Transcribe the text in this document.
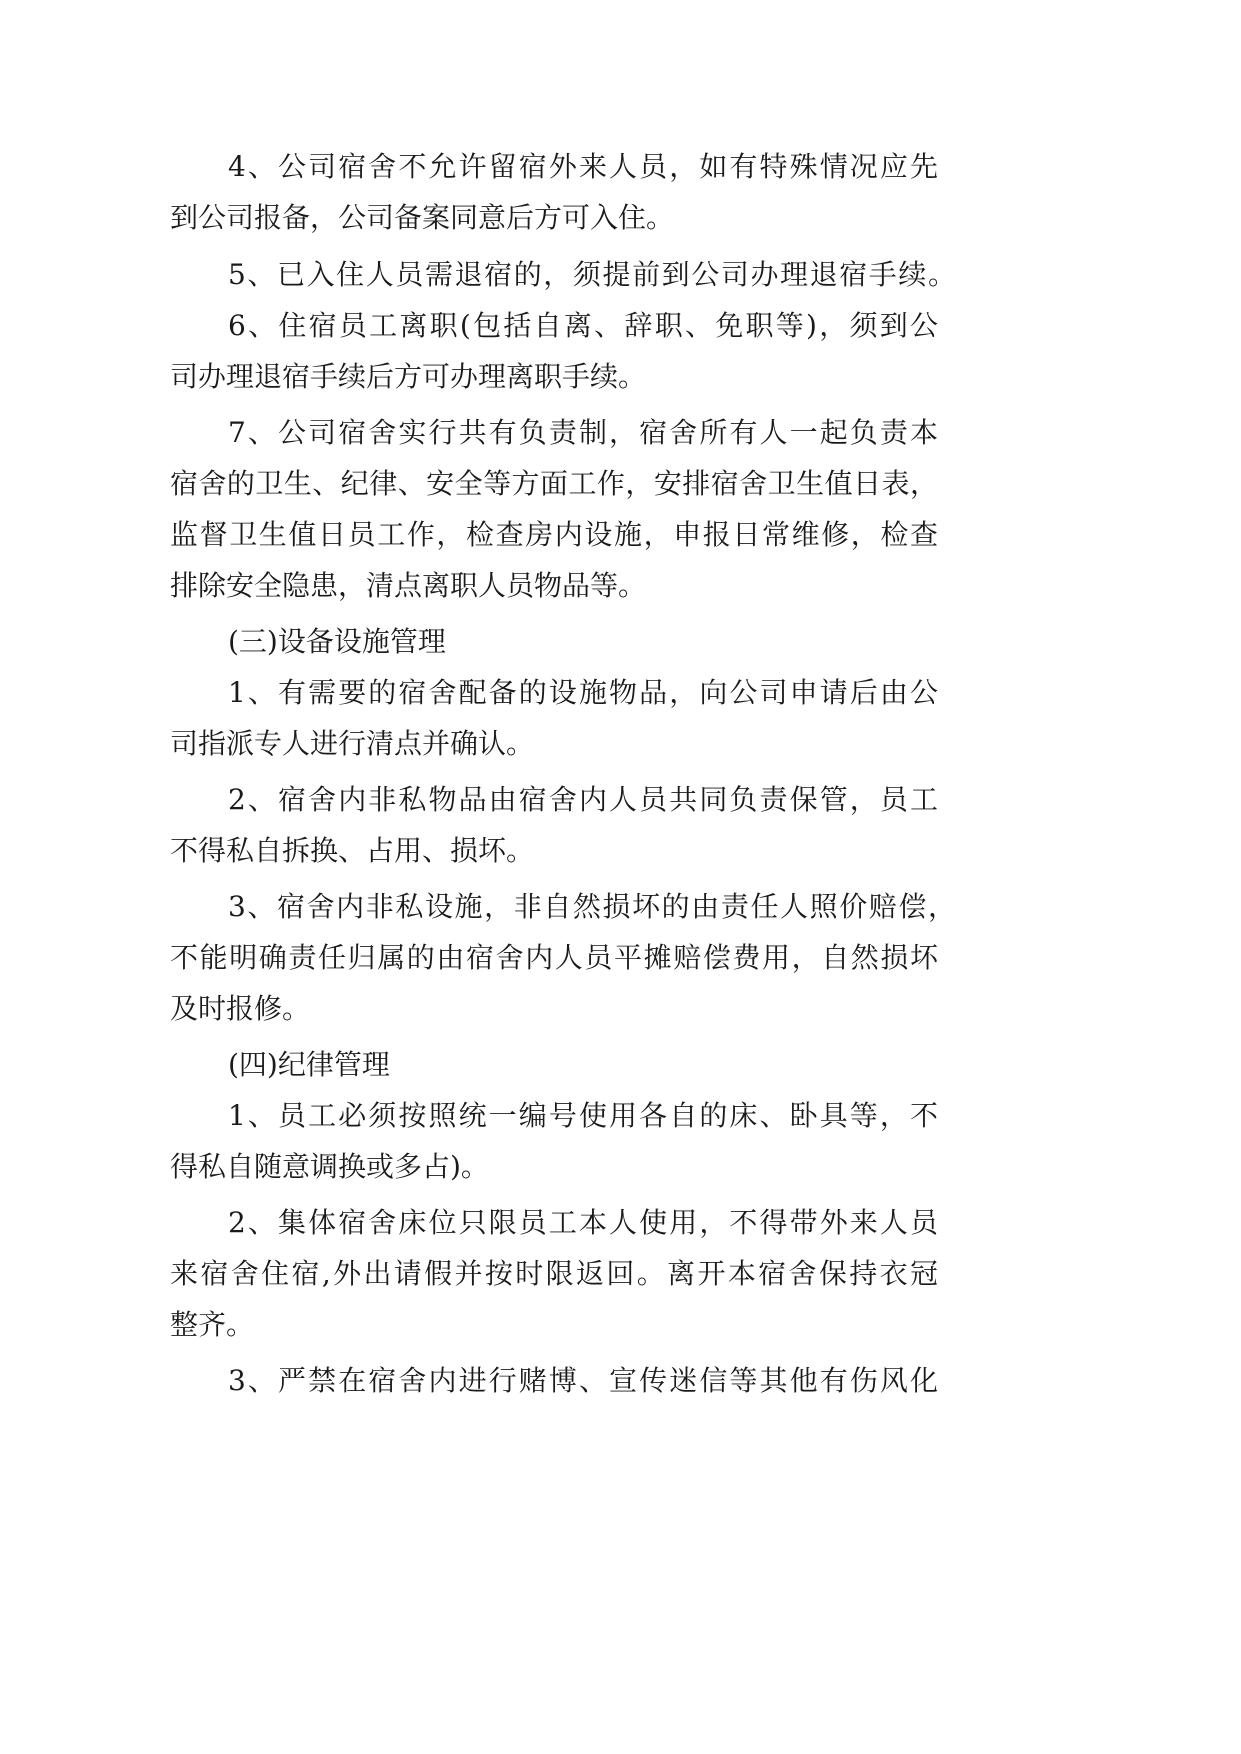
4、公司宿舍不允许留宿外来人员，如有特殊情况应先

到公司报备，公司备案同意后方可入住。

5、已入住人员需退宿的，须提前到公司办理退宿手续。

6、住宿员工离职(包括自离、辞职、免职等)，须到公

司办理退宿手续后方可办理离职手续。

7、公司宿舍实行共有负责制，宿舍所有人一起负责本

宿舍的卫生、纪律、安全等方面工作，安排宿舍卫生值日表，

监督卫生值日员工作，检查房内设施，申报日常维修，检查

排除安全隐患，清点离职人员物品等。

(三)设备设施管理

1、有需要的宿舍配备的设施物品，向公司申请后由公

司指派专人进行清点并确认。

2、宿舍内非私物品由宿舍内人员共同负责保管，员工

不得私自拆换、占用、损坏。

3、宿舍内非私设施，非自然损坏的由责任人照价赔偿，

不能明确责任归属的由宿舍内人员平摊赔偿费用，自然损坏

及时报修。

(四)纪律管理

1、员工必须按照统一编号使用各自的床、卧具等，不

得私自随意调换或多占)。

2、集体宿舍床位只限员工本人使用，不得带外来人员

来宿舍住宿,外出请假并按时限返回。离开本宿舍保持衣冠

整齐。

3、严禁在宿舍内进行赌博、宣传迷信等其他有伤风化
